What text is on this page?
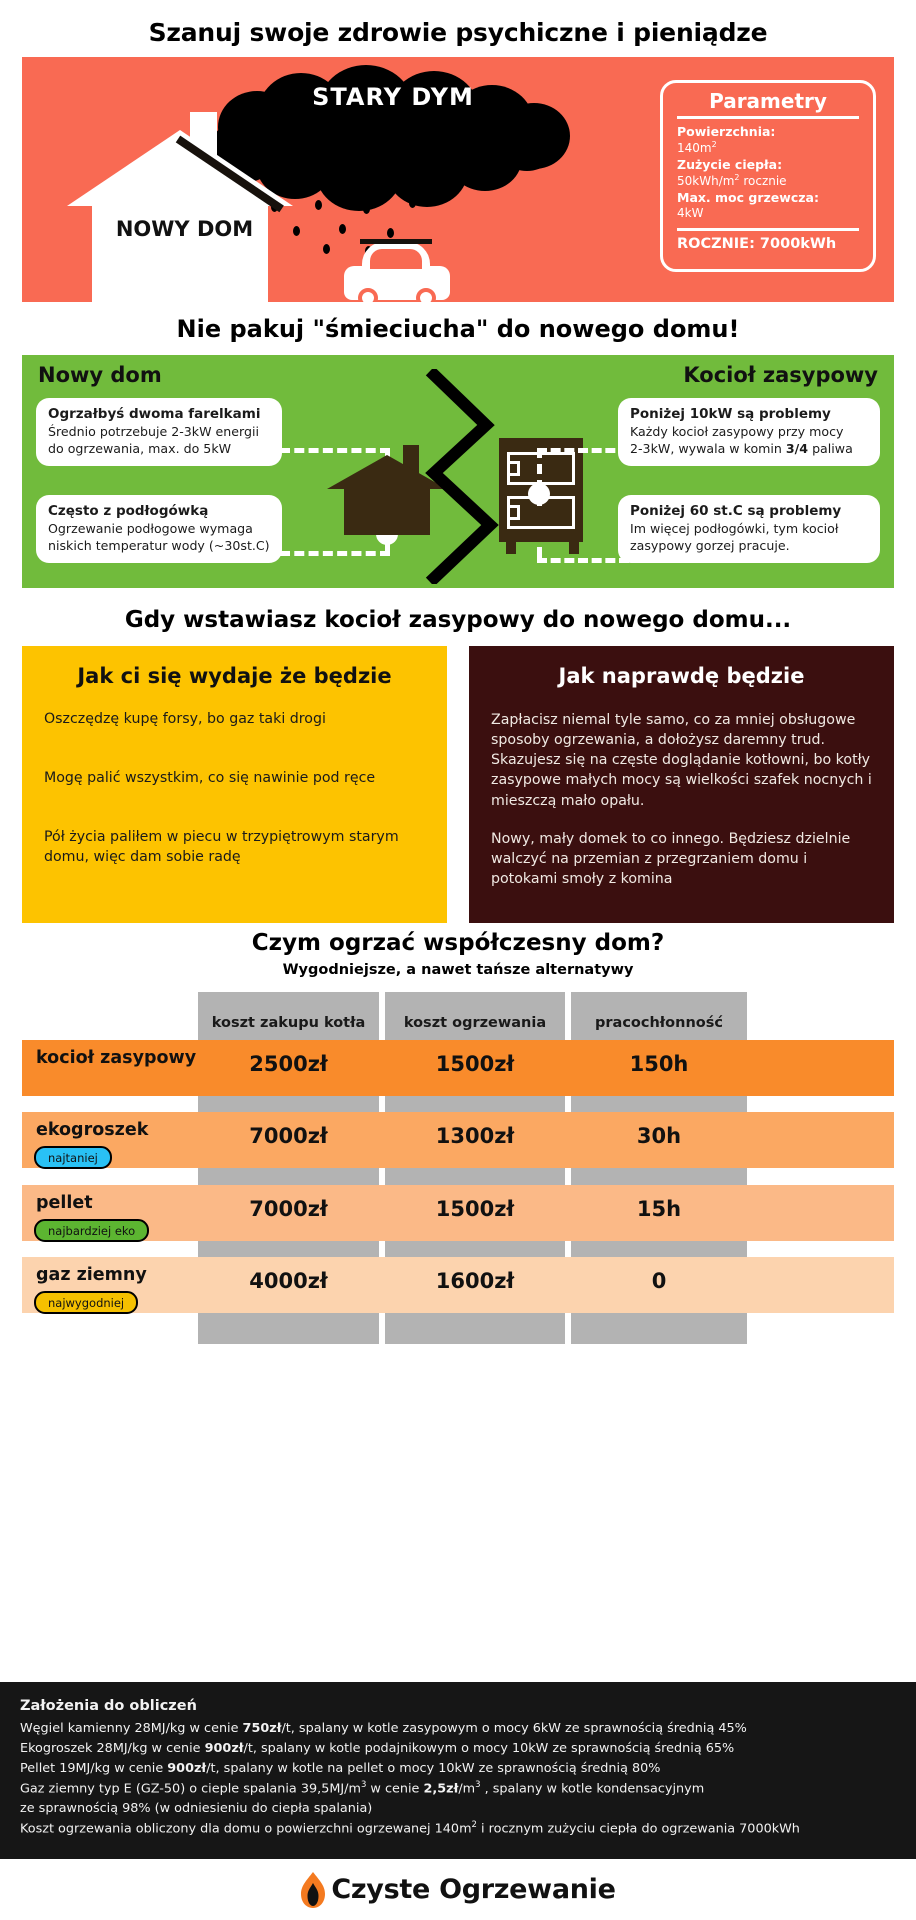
Szanuj swoje zdrowie psychiczne i pieniądze
STARY DYM
NOWY DOM
Parametry
Powierzchnia:
$140m^2$
Zużycie ciepła:
$50kWh/m^2$ rocznie
Max. moc grzewcza:
4kW
ROCZNIE: 7000kWh
Nie pakuj "śmieciucha" do nowego domu!
Nowy dom	Kocioł zasypowy
Ogrzałbyś dwoma farelkami
Średnio potrzebuje 2-3kW energii
do ogrzewania, max. do 5kW
Często z podłogówką
Ogrzewanie podłogowe wymaga
niskich temperatur wody (~30st.C)
Poniżej 10kW są problemy
Każdy kocioł zasypowy przy mocy
2-3kW, wywala w komin 3/4 paliwa
Poniżej 60 st.C są problemy
Im więcej podłogówki, tym kocioł
zasypowy gorzej pracuje.
Gdy wstawiasz kocioł zasypowy do nowego domu...
Jak ci się wydaje że będzie

Oszczędzę kupę forsy, bo gaz taki drogi

Mogę palić wszystkim, co się nawinie pod ręce

Pół życia paliłem w piecu w trzypiętrowym starym domu, więc dam sobie radę

Jak naprawdę będzie

Zapłacisz niemal tyle samo, co za mniej obsługowe sposoby ogrzewania, a dołożysz daremny trud.

Skazujesz się na częste doglądanie kotłowni, bo kotły zasypowe małych mocy są wielkości szafek nocnych i mieszczą mało opału.

Nowy, mały domek to co innego. Będziesz dzielnie walczyć na przemian z przegrzaniem domu i potokami smoły z komina

Czym ogrzać współczesny dom?
Wygodniejsze, a nawet tańsze alternatywy
koszt zakupu kotła	koszt ogrzewania	pracochłonność
kocioł zasypowy	2500zł	1500zł	150h
ekogroszek
najtaniej
7000zł	1300zł	30h
pellet
najbardziej eko
7000zł	1500zł	15h
gaz ziemny
najwygodniej
4000zł	1600zł	0
Założenia do obliczeń
Węgiel kamienny 28MJ/kg w cenie 750zł/t, spalany w kotle zasypowym o mocy 6kW ze sprawnością średnią 45%
Ekogroszek 28MJ/kg w cenie 900zł/t, spalany w kotle podajnikowym o mocy 10kW ze sprawnością średnią 65%
Pellet 19MJ/kg w cenie 900zł/t, spalany w kotle na pellet o mocy 10kW ze sprawnością średnią 80%
Gaz ziemny typ E (GZ-50) o cieple spalania $39,5MJ/m^3$ w cenie $2,5zł/m^3$ , spalany w kotle kondensacyjnym
ze sprawnością 98% (w odniesieniu do ciepła spalania)
Koszt ogrzewania obliczony dla domu o powierzchni ogrzewanej $140m^2$ i rocznym zużyciu ciepła do ogrzewania 7000kWh
Czyste Ogrzewanie
